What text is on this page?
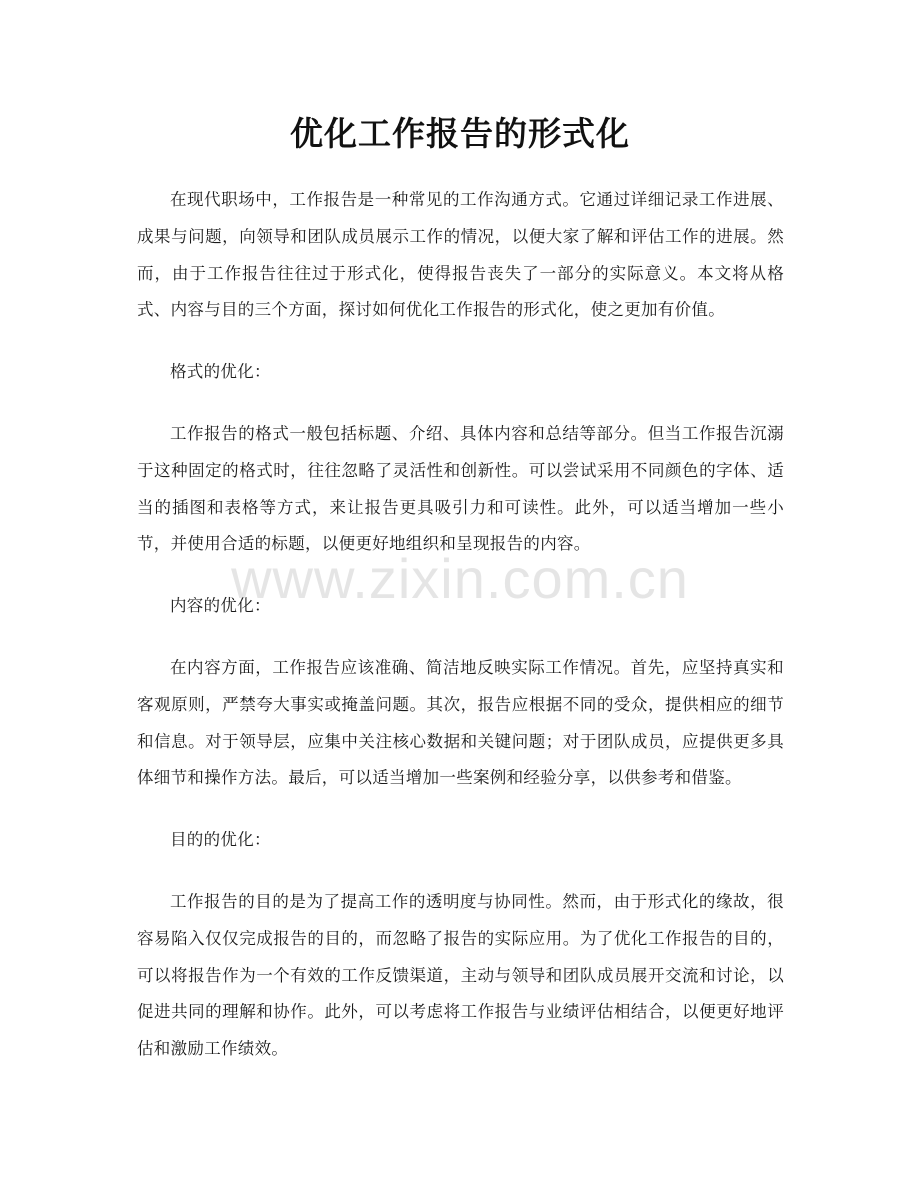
优化工作报告的形式化

在现代职场中，工作报告是一种常见的工作沟通方式。它通过详细记录工作进展、成果与问题，向领导和团队成员展示工作的情况，以便大家了解和评估工作的进展。然而，由于工作报告往往过于形式化，使得报告丧失了一部分的实际意义。本文将从格式、内容与目的三个方面，探讨如何优化工作报告的形式化，使之更加有价值。

格式的优化：

工作报告的格式一般包括标题、介绍、具体内容和总结等部分。但当工作报告沉溺于这种固定的格式时，往往忽略了灵活性和创新性。可以尝试采用不同颜色的字体、适当的插图和表格等方式，来让报告更具吸引力和可读性。此外，可以适当增加一些小节，并使用合适的标题，以便更好地组织和呈现报告的内容。

内容的优化：

在内容方面，工作报告应该准确、简洁地反映实际工作情况。首先，应坚持真实和客观原则，严禁夸大事实或掩盖问题。其次，报告应根据不同的受众，提供相应的细节和信息。对于领导层，应集中关注核心数据和关键问题；对于团队成员，应提供更多具体细节和操作方法。最后，可以适当增加一些案例和经验分享，以供参考和借鉴。

目的的优化：

工作报告的目的是为了提高工作的透明度与协同性。然而，由于形式化的缘故，很容易陷入仅仅完成报告的目的，而忽略了报告的实际应用。为了优化工作报告的目的，可以将报告作为一个有效的工作反馈渠道，主动与领导和团队成员展开交流和讨论，以促进共同的理解和协作。此外，可以考虑将工作报告与业绩评估相结合，以便更好地评估和激励工作绩效。

www.zixin.com.cn
